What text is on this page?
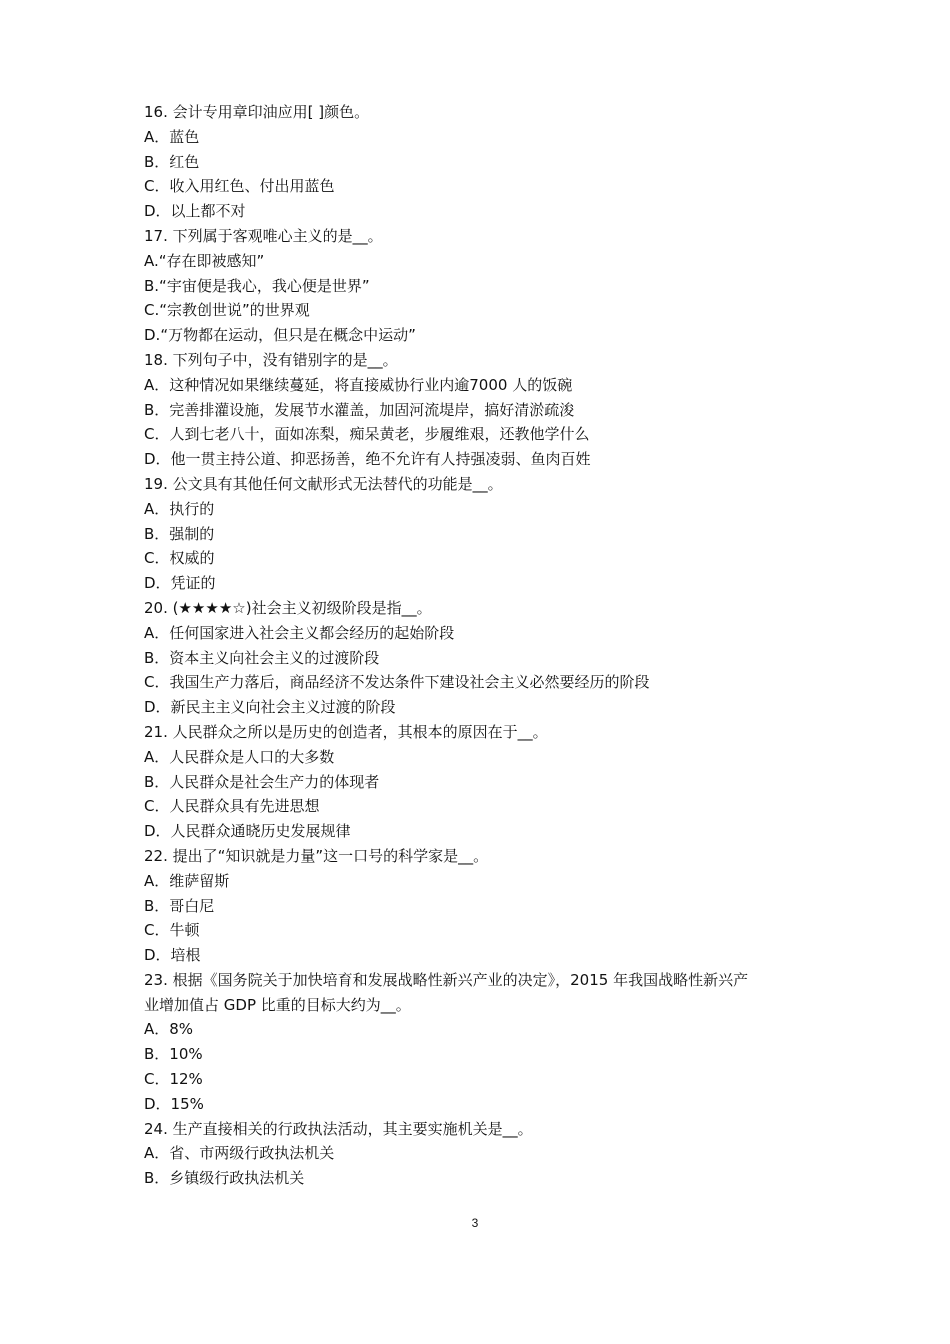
16. 会计专用章印油应用[ ]颜色。
A．蓝色
B．红色
C．收入用红色、付出用蓝色
D．以上都不对
17. 下列属于客观唯心主义的是__。
A.“存在即被感知”
B.“宇宙便是我心，我心便是世界”
C.“宗教创世说”的世界观
D.“万物都在运动，但只是在概念中运动”
18. 下列句子中，没有错别字的是__。
A．这种情况如果继续蔓延，将直接威协行业内逾7000 人的饭碗
B．完善排灌设施，发展节水灌盖，加固河流堤岸，搞好清淤疏浚
C．人到七老八十，面如冻梨，痴呆黄老，步履维艰，还教他学什么
D．他一贯主持公道、抑恶扬善，绝不允许有人持强凌弱、鱼肉百姓
19. 公文具有其他任何文献形式无法替代的功能是__。
A．执行的
B．强制的
C．权威的
D．凭证的
20. (★★★★☆)社会主义初级阶段是指__。
A．任何国家进入社会主义都会经历的起始阶段
B．资本主义向社会主义的过渡阶段
C．我国生产力落后，商品经济不发达条件下建设社会主义必然要经历的阶段
D．新民主主义向社会主义过渡的阶段
21. 人民群众之所以是历史的创造者，其根本的原因在于__。
A．人民群众是人口的大多数
B．人民群众是社会生产力的体现者
C．人民群众具有先进思想
D．人民群众通晓历史发展规律
22. 提出了“知识就是力量”这一口号的科学家是__。
A．维萨留斯
B．哥白尼
C．牛顿
D．培根
23. 根据《国务院关于加快培育和发展战略性新兴产业的决定》，2015 年我国战略性新兴产
业增加值占 GDP 比重的目标大约为__。
A．8%
B．10%
C．12%
D．15%
24. 生产直接相关的行政执法活动，其主要实施机关是__。
A．省、市两级行政执法机关
B．乡镇级行政执法机关
3
